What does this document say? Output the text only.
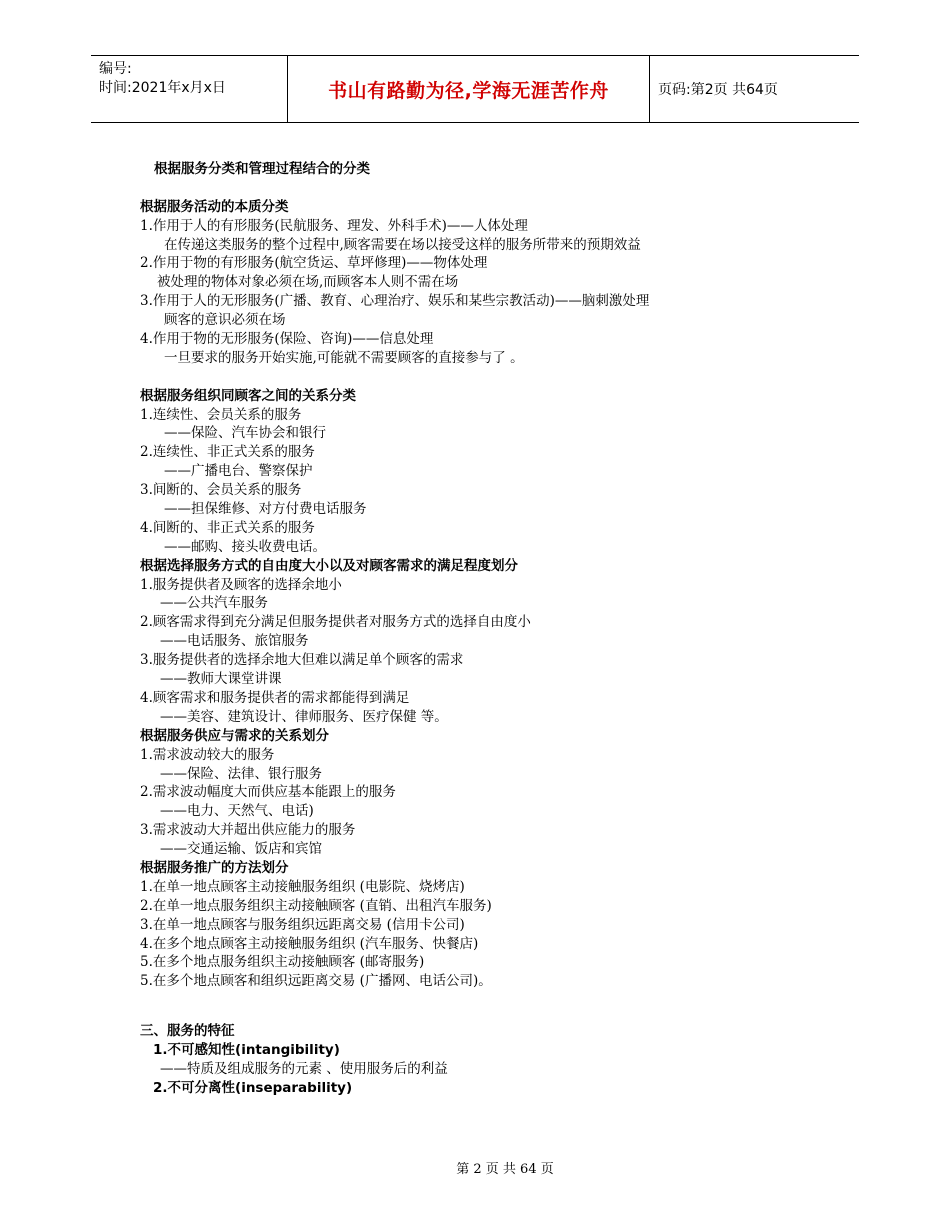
编号:
时间:2021年x月x日	书山有路勤为径,学海无涯苦作舟	页码:第2页 共64页
根据服务分类和管理过程结合的分类
根据服务活动的本质分类
1.作用于人的有形服务(民航服务、理发、外科手术)——人体处理
在传递这类服务的整个过程中,顾客需要在场以接受这样的服务所带来的预期效益
2.作用于物的有形服务(航空货运、草坪修理)——物体处理
被处理的物体对象必须在场,而顾客本人则不需在场
3.作用于人的无形服务(广播、教育、心理治疗、娱乐和某些宗教活动)——脑刺激处理
顾客的意识必须在场
4.作用于物的无形服务(保险、咨询)——信息处理
一旦要求的服务开始实施,可能就不需要顾客的直接参与了 。
根据服务组织同顾客之间的关系分类
1.连续性、会员关系的服务
——保险、汽车协会和银行
2.连续性、非正式关系的服务
——广播电台、警察保护
3.间断的、会员关系的服务
——担保维修、对方付费电话服务
4.间断的、非正式关系的服务
——邮购、接头收费电话。
根据选择服务方式的自由度大小以及对顾客需求的满足程度划分
1.服务提供者及顾客的选择余地小
——公共汽车服务
2.顾客需求得到充分满足但服务提供者对服务方式的选择自由度小
——电话服务、旅馆服务
3.服务提供者的选择余地大但难以满足单个顾客的需求
——教师大课堂讲课
4.顾客需求和服务提供者的需求都能得到满足
——美容、建筑设计、律师服务、医疗保健 等。
根据服务供应与需求的关系划分
1.需求波动较大的服务
——保险、法律、银行服务
2.需求波动幅度大而供应基本能跟上的服务
——电力、天然气、电话)
3.需求波动大并超出供应能力的服务
——交通运输、饭店和宾馆
根据服务推广的方法划分
1.在单一地点顾客主动接触服务组织 (电影院、烧烤店)
2.在单一地点服务组织主动接触顾客 (直销、出租汽车服务)
3.在单一地点顾客与服务组织远距离交易 (信用卡公司)
4.在多个地点顾客主动接触服务组织 (汽车服务、快餐店)
5.在多个地点服务组织主动接触顾客 (邮寄服务)
5.在多个地点顾客和组织远距离交易 (广播网、电话公司)。
三、服务的特征
1.不可感知性(intangibility)
——特质及组成服务的元素 、使用服务后的利益
2.不可分离性(inseparability)
第 2 页 共 64 页
